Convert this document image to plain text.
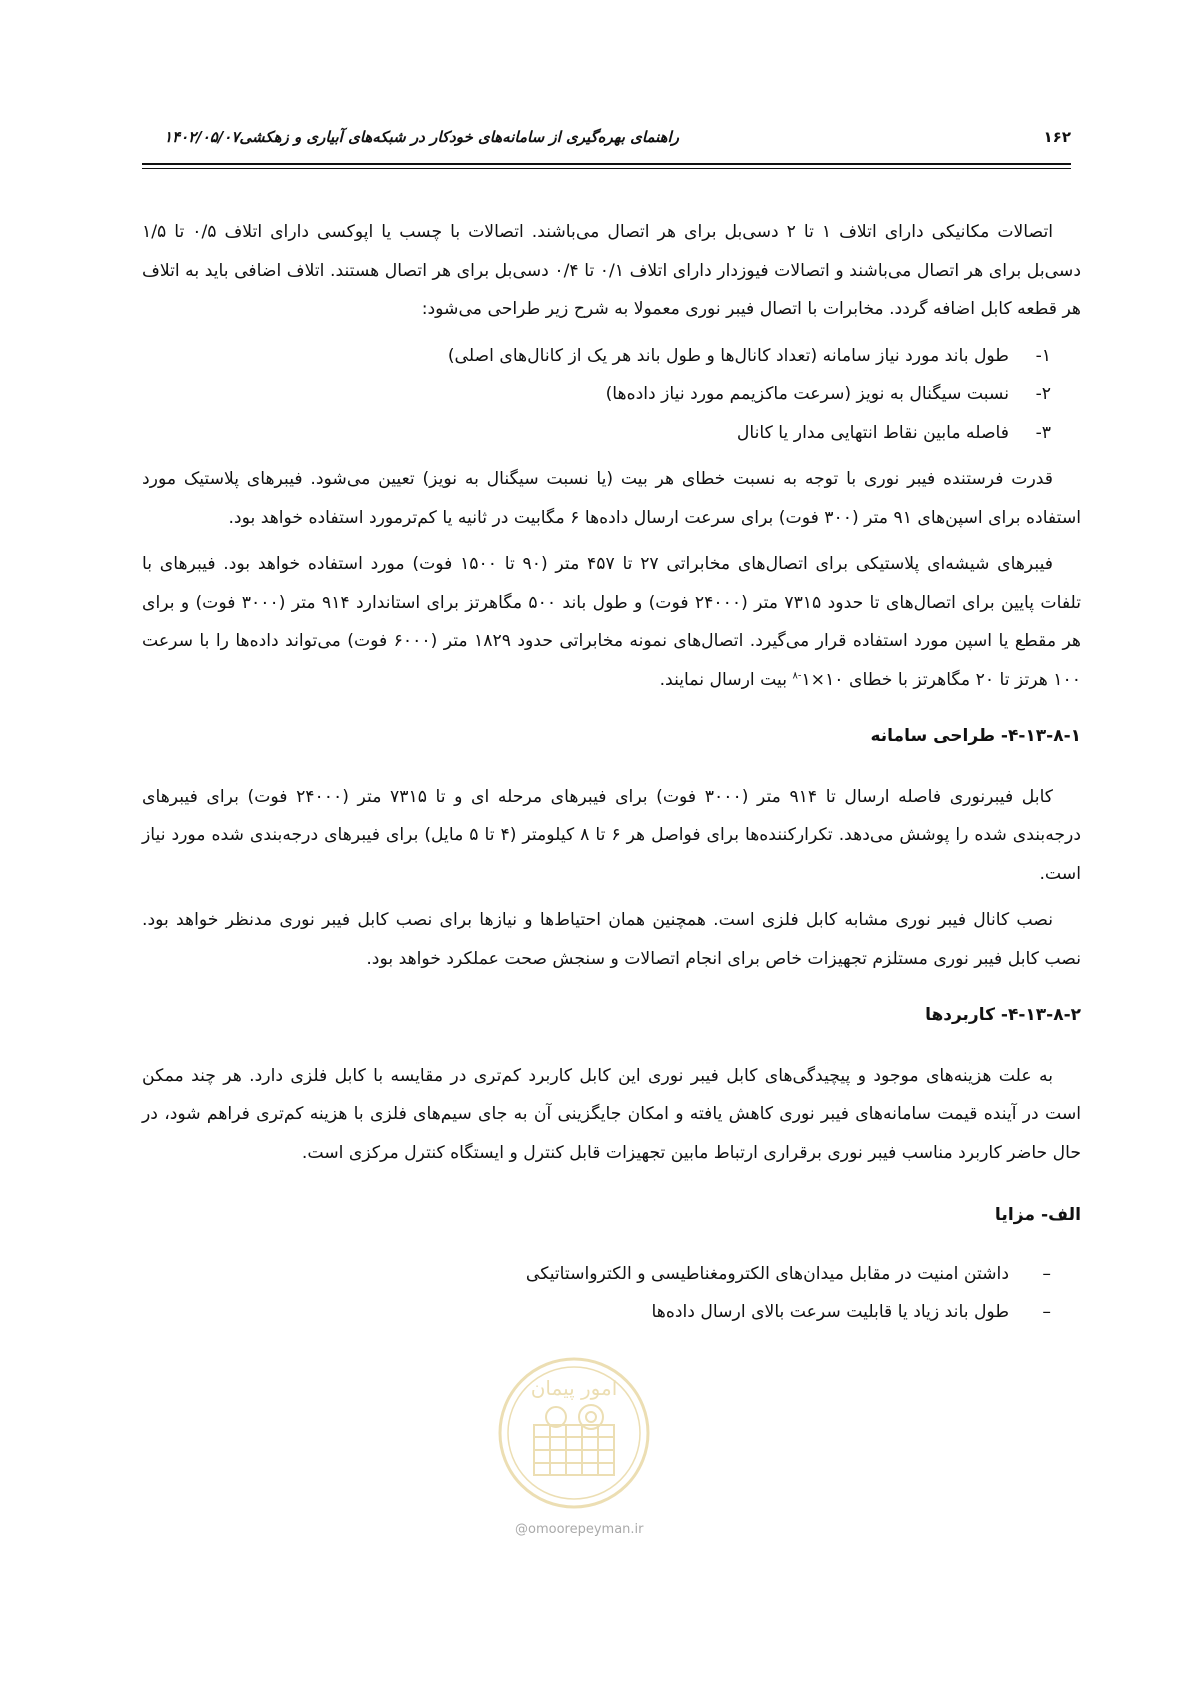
۱۶۲
راهنمای بهره‌گیری از سامانه‌های خودکار در شبکه‌های آبیاری و زهکشی۱۴۰۲/۰۵/۰۷

اتصالات مکانیکی دارای اتلاف ۱ تا ۲ دسی‌بل برای هر اتصال می‌باشند. اتصالات با چسب یا اپوکسی دارای اتلاف ۰/۵ تا ۱/۵ دسی‌بل برای هر اتصال می‌باشند و اتصالات فیوزدار دارای اتلاف ۰/۱ تا ۰/۴ دسی‌بل برای هر اتصال هستند. اتلاف اضافی باید به اتلاف هر قطعه کابل اضافه گردد. مخابرات با اتصال فیبر نوری معمولا به شرح زیر طراحی می‌شود:

۱-طول باند مورد نیاز سامانه (تعداد کانال‌ها و طول باند هر یک از کانال‌های اصلی)
۲-نسبت سیگنال به نویز (سرعت ماکزیمم مورد نیاز داده‌ها)
۳-فاصله مابین نقاط انتهایی مدار یا کانال

قدرت فرستنده فیبر نوری با توجه به نسبت خطای هر بیت (یا نسبت سیگنال به نویز) تعیین می‌شود. فیبرهای پلاستیک مورد استفاده برای اسپن‌های ۹۱ متر (۳۰۰ فوت) برای سرعت ارسال داده‌ها ۶ مگابیت در ثانیه یا کم‌ترمورد استفاده خواهد بود.

فیبرهای شیشه‌ای پلاستیکی برای اتصال‌های مخابراتی ۲۷ تا ۴۵۷ متر (۹۰ تا ۱۵۰۰ فوت) مورد استفاده خواهد بود. فیبرهای با تلفات پایین برای اتصال‌های تا حدود ۷۳۱۵ متر (۲۴۰۰۰ فوت) و طول باند ۵۰۰ مگاهرتز برای استاندارد ۹۱۴ متر (۳۰۰۰ فوت) و برای هر مقطع یا اسپن مورد استفاده قرار می‌گیرد. اتصال‌های نمونه مخابراتی حدود ۱۸۲۹ متر (۶۰۰۰ فوت) می‌تواند داده‌ها را با سرعت ۱۰۰ هرتز تا ۲۰ مگاهرتز با خطای $۱۰\times ۱^{-۸}$ بیت ارسال نمایند.

۴-۱۳-۸-۱- طراحی سامانه

کابل فیبرنوری فاصله ارسال تا ۹۱۴ متر (۳۰۰۰ فوت) برای فیبرهای مرحله ای و تا ۷۳۱۵ متر (۲۴۰۰۰ فوت) برای فیبرهای درجه‌بندی شده را پوشش می‌دهد. تکرارکننده‌ها برای فواصل هر ۶ تا ۸ کیلومتر (۴ تا ۵ مایل) برای فیبرهای درجه‌بندی شده مورد نیاز است.

نصب کانال فیبر نوری مشابه کابل فلزی است. همچنین همان احتیاط‌ها و نیازها برای نصب کابل فیبر نوری مدنظر خواهد بود. نصب کابل فیبر نوری مستلزم تجهیزات خاص برای انجام اتصالات و سنجش صحت عملکرد خواهد بود.

۴-۱۳-۸-۲- کاربردها

به علت هزینه‌های موجود و پیچیدگی‌های کابل فیبر نوری این کابل کاربرد کم‌تری در مقایسه با کابل فلزی دارد. هر چند ممکن است در آینده قیمت سامانه‌های فیبر نوری کاهش یافته و امکان جایگزینی آن به جای سیم‌های فلزی با هزینه کم‌تری فراهم شود، در حال حاضر کاربرد مناسب فیبر نوری برقراری ارتباط مابین تجهیزات قابل کنترل و ایستگاه کنترل مرکزی است.

الف- مزایا
–داشتن امنیت در مقابل میدان‌های الکترومغناطیسی و الکترواستاتیکی
–طول باند زیاد یا قابلیت سرعت بالای ارسال داده‌ها
امور پیمان
@omoorepeyman.ir
